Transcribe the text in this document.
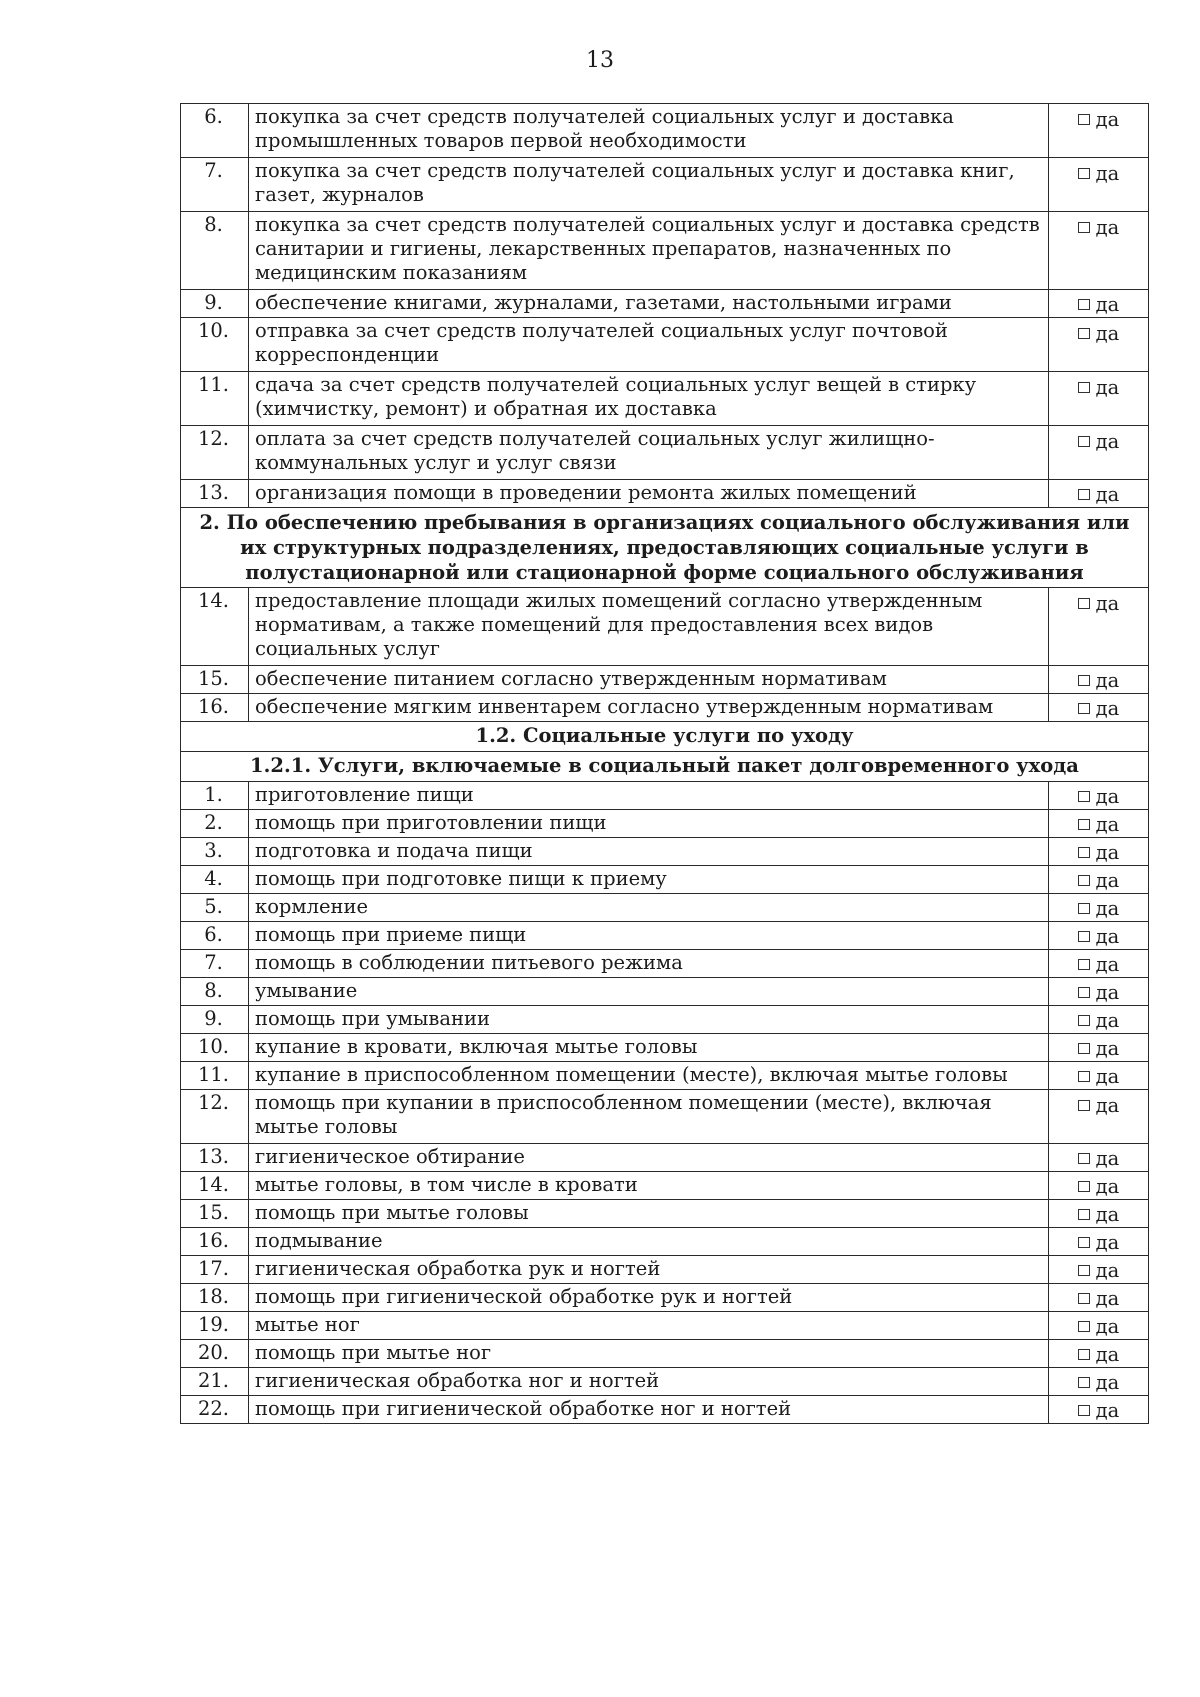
13
6.	покупка за счет средств получателей социальных услуг и доставка промышленных товаров первой необходимости	да
7.	покупка за счет средств получателей социальных услуг и доставка книг, газет, журналов	да
8.	покупка за счет средств получателей социальных услуг и доставка средств санитарии и гигиены, лекарственных препаратов, назначенных по медицинским показаниям	да
9.	обеспечение книгами, журналами, газетами, настольными играми	да
10.	отправка за счет средств получателей социальных услуг почтовой корреспонденции	да
11.	сдача за счет средств получателей социальных услуг вещей в стирку (химчистку, ремонт) и обратная их доставка	да
12.	оплата за счет средств получателей социальных услуг жилищно-коммунальных услуг и услуг связи	да
13.	организация помощи в проведении ремонта жилых помещений	да
2. По обеспечению пребывания в организациях социального обслуживания или их структурных подразделениях, предоставляющих социальные услуги в полустационарной или стационарной форме социального обслуживания		
14.	предоставление площади жилых помещений согласно утвержденным нормативам, а также помещений для предоставления всех видов социальных услуг	да
15.	обеспечение питанием согласно утвержденным нормативам	да
16.	обеспечение мягким инвентарем согласно утвержденным нормативам	да
1.2. Социальные услуги по уходу		
1.2.1. Услуги, включаемые в социальный пакет долговременного ухода		
1.	приготовление пищи	да
2.	помощь при приготовлении пищи	да
3.	подготовка и подача пищи	да
4.	помощь при подготовке пищи к приему	да
5.	кормление	да
6.	помощь при приеме пищи	да
7.	помощь в соблюдении питьевого режима	да
8.	умывание	да
9.	помощь при умывании	да
10.	купание в кровати, включая мытье головы	да
11.	купание в приспособленном помещении (месте), включая мытье головы	да
12.	помощь при купании в приспособленном помещении (месте), включая мытье головы	да
13.	гигиеническое обтирание	да
14.	мытье головы, в том числе в кровати	да
15.	помощь при мытье головы	да
16.	подмывание	да
17.	гигиеническая обработка рук и ногтей	да
18.	помощь при гигиенической обработке рук и ногтей	да
19.	мытье ног	да
20.	помощь при мытье ног	да
21.	гигиеническая обработка ног и ногтей	да
22.	помощь при гигиенической обработке ног и ногтей	да
